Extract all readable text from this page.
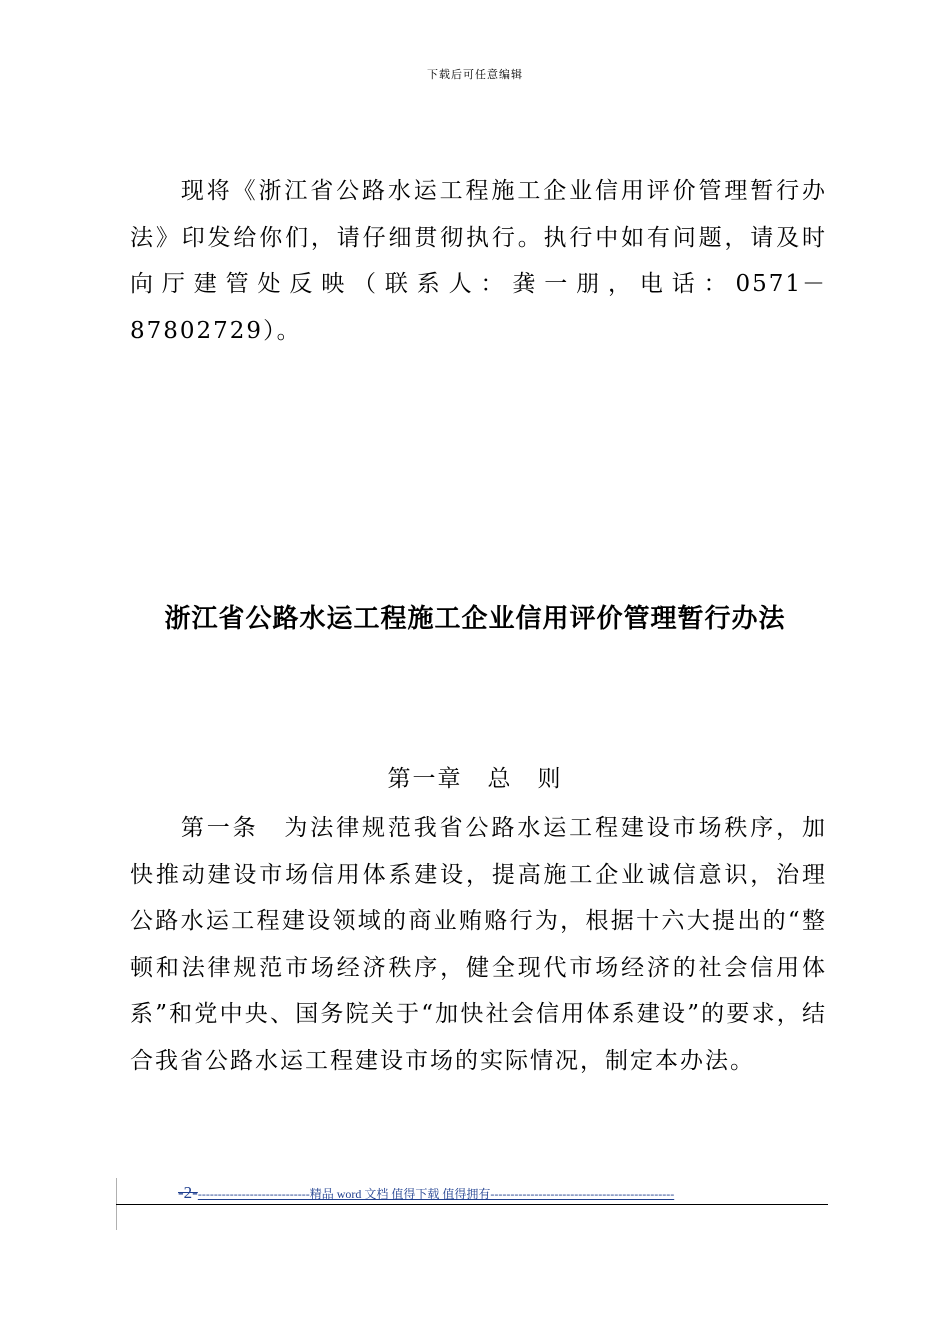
下载后可任意编辑

现将《浙江省公路水运工程施工企业信用评价管理暂行办法》印发给你们，请仔细贯彻执行。执行中如有问题，请及时向厅建管处反映（联系人：龚一朋，电话：0571－87802729）。

浙江省公路水运工程施工企业信用评价管理暂行办法
第一章　总　则

第一条　为法律规范我省公路水运工程建设市场秩序，加快推动建设市场信用体系建设，提高施工企业诚信意识，治理公路水运工程建设领域的商业贿赂行为，根据十六大提出的“整顿和法律规范市场经济秩序，健全现代市场经济的社会信用体系”和党中央、国务院关于“加快社会信用体系建设”的要求，结合我省公路水运工程建设市场的实际情况，制定本办法。

-2-----------------------------精品 word 文档 值得下载 值得拥有----------------------------------------------
